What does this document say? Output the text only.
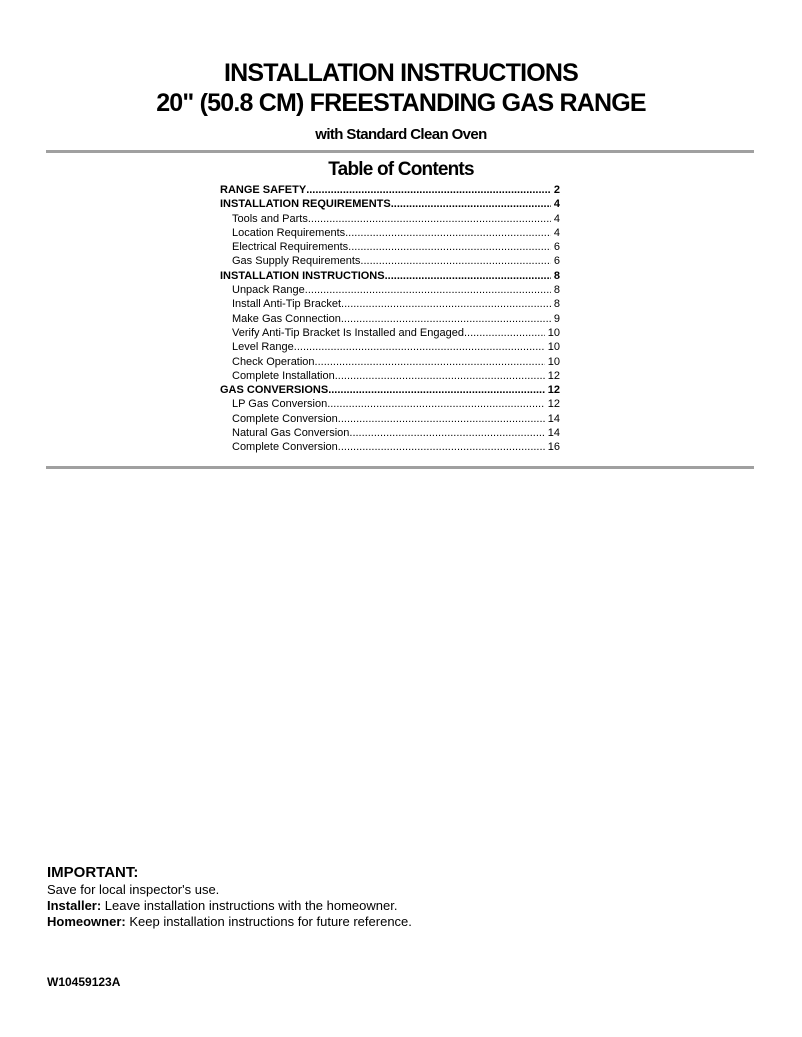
INSTALLATION INSTRUCTIONS
20" (50.8 CM) FREESTANDING GAS RANGE
with Standard Clean Oven
Table of Contents
RANGE SAFETY .....	2
INSTALLATION REQUIREMENTS .....	4
Tools and Parts .....	4
Location Requirements .....	4
Electrical Requirements .....	6
Gas Supply Requirements .....	6
INSTALLATION INSTRUCTIONS .....	8
Unpack Range .....	8
Install Anti-Tip Bracket .....	8
Make Gas Connection .....	9
Verify Anti-Tip Bracket Is Installed and Engaged .....	10
Level Range .....	10
Check Operation .....	10
Complete Installation .....	12
GAS CONVERSIONS .....	12
LP Gas Conversion .....	12
Complete Conversion .....	14
Natural Gas Conversion .....	14
Complete Conversion .....	16
IMPORTANT:
Save for local inspector's use.
Installer: Leave installation instructions with the homeowner.
Homeowner: Keep installation instructions for future reference.
W10459123A
